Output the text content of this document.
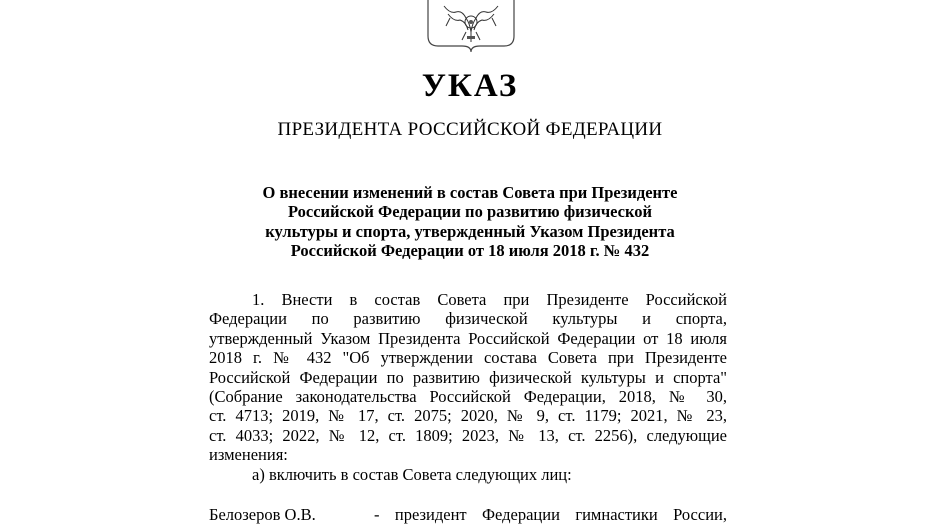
УКАЗ
ПРЕЗИДЕНТА РОССИЙСКОЙ ФЕДЕРАЦИИ
О внесении изменений в состав Совета при Президенте
Российской Федерации по развитию физической
культуры и спорта, утвержденный Указом Президента
Российской Федерации от 18 июля 2018 г. № 432
1. Внести в состав Совета при Президенте Российской
Федерации по развитию физической культуры и спорта,
утвержденный Указом Президента Российской Федерации от 18 июля
2018 г. № 432 "Об утверждении состава Совета при Президенте
Российской Федерации по развитию физической культуры и спорта"
(Собрание законодательства Российской Федерации, 2018, № 30,
ст. 4713; 2019, № 17, ст. 2075; 2020, № 9, ст. 1179; 2021, № 23,
ст. 4033; 2022, № 12, ст. 1809; 2023, № 13, ст. 2256), следующие
изменения:
а) включить в состав Совета следующих лиц:
Белозеров О.В.	- президент Федерации гимнастики России,
